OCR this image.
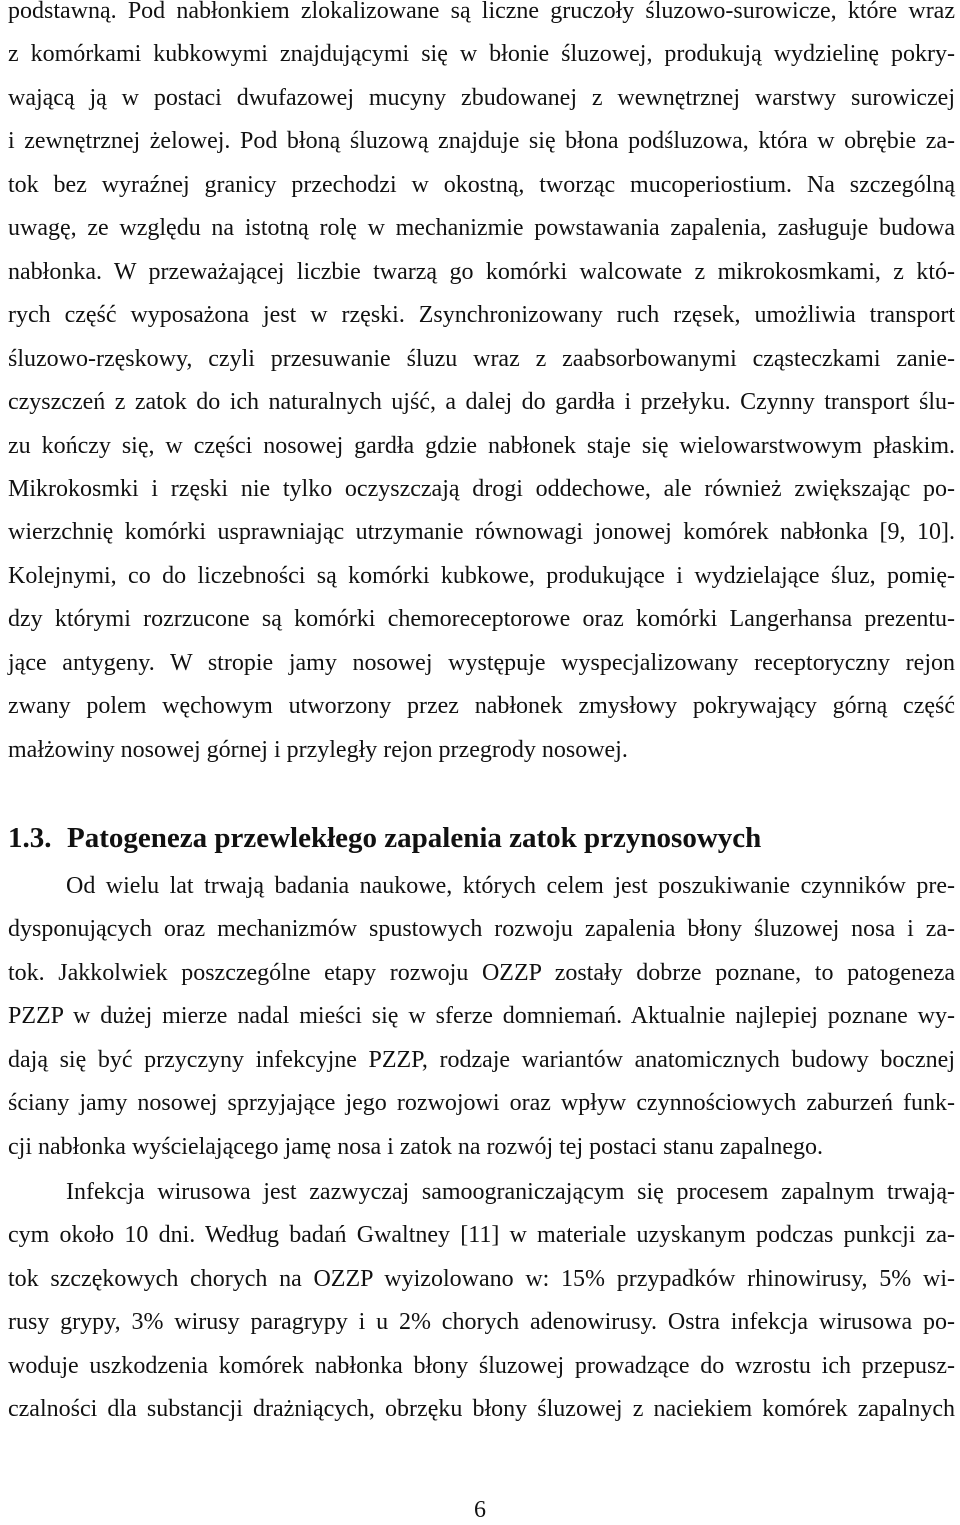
podstawną. Pod nabłonkiem zlokalizowane są liczne gruczoły śluzowo-surowicze, które wraz
z komórkami kubkowymi znajdującymi się w błonie śluzowej, produkują wydzielinę pokry-
wającą ją w postaci dwufazowej mucyny zbudowanej z wewnętrznej warstwy surowiczej
i zewnętrznej żelowej. Pod błoną śluzową znajduje się błona podśluzowa, która w obrębie za-
tok bez wyraźnej granicy przechodzi w okostną, tworząc mucoperiostium. Na szczególną
uwagę, ze względu na istotną rolę w mechanizmie powstawania zapalenia, zasługuje budowa
nabłonka. W przeważającej liczbie twarzą go komórki walcowate z mikrokosmkami, z któ-
rych część wyposażona jest w rzęski. Zsynchronizowany ruch rzęsek, umożliwia transport
śluzowo-rzęskowy, czyli przesuwanie śluzu wraz z zaabsorbowanymi cząsteczkami zanie-
czyszczeń z zatok do ich naturalnych ujść, a dalej do gardła i przełyku. Czynny transport ślu-
zu kończy się, w części nosowej gardła gdzie nabłonek staje się wielowarstwowym płaskim.
Mikrokosmki i rzęski nie tylko oczyszczają drogi oddechowe, ale również zwiększając po-
wierzchnię komórki usprawniając utrzymanie równowagi jonowej komórek nabłonka [9, 10].
Kolejnymi, co do liczebności są komórki kubkowe, produkujące i wydzielające śluz, pomię-
dzy którymi rozrzucone są komórki chemoreceptorowe oraz komórki Langerhansa prezentu-
jące antygeny. W stropie jamy nosowej występuje wyspecjalizowany receptoryczny rejon
zwany polem węchowym utworzony przez nabłonek zmysłowy pokrywający górną część
małżowiny nosowej górnej i przyległy rejon przegrody nosowej.
1.3. Patogeneza przewlekłego zapalenia zatok przynosowych
Od wielu lat trwają badania naukowe, których celem jest poszukiwanie czynników pre-
dysponujących oraz mechanizmów spustowych rozwoju zapalenia błony śluzowej nosa i za-
tok. Jakkolwiek poszczególne etapy rozwoju OZZP zostały dobrze poznane, to patogeneza
PZZP w dużej mierze nadal mieści się w sferze domniemań. Aktualnie najlepiej poznane wy-
dają się być przyczyny infekcyjne PZZP, rodzaje wariantów anatomicznych budowy bocznej
ściany jamy nosowej sprzyjające jego rozwojowi oraz wpływ czynnościowych zaburzeń funk-
cji nabłonka wyścielającego jamę nosa i zatok na rozwój tej postaci stanu zapalnego.
Infekcja wirusowa jest zazwyczaj samoograniczającym się procesem zapalnym trwają-
cym około 10 dni. Według badań Gwaltney [11] w materiale uzyskanym podczas punkcji za-
tok szczękowych chorych na OZZP wyizolowano w: 15% przypadków rhinowirusy, 5% wi-
rusy grypy, 3% wirusy paragrypy i u 2% chorych adenowirusy. Ostra infekcja wirusowa po-
woduje uszkodzenia komórek nabłonka błony śluzowej prowadzące do wzrostu ich przepusz-
czalności dla substancji drażniących, obrzęku błony śluzowej z naciekiem komórek zapalnych
6
